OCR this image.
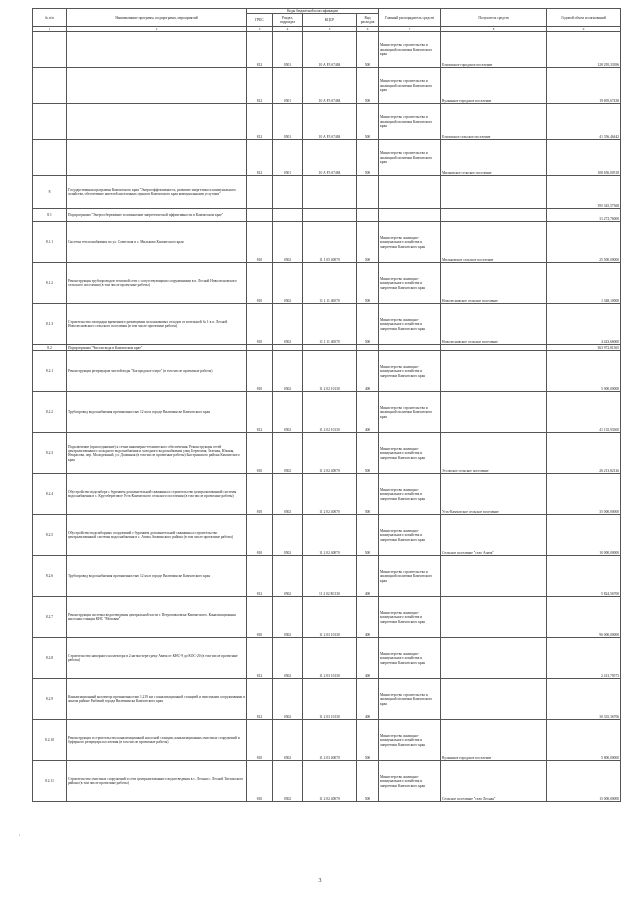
№ п/п	Наименование программ, подпрограмм, мероприятий	Коды бюджетной классификации				Главный распорядитель средств	Получатель средств	Годовой объем ассигнований
		ГРБС	Раздел, подраздел	КЦСР	Вид расходов			
1	2	3	4	5	6	7	8	9
		812	0501	10 А F3 67484	500	Министерство строительства и жилищной политики Камчатского края	Елизовское городское поселение	128 295,33396
		812	0501	10 А F3 67484	500	Министерство строительства и жилищной политики Камчатского края	Вулканное городское поселение	19 695,67438
		812	0501	10 А F3 67484	500	Министерство строительства и жилищной политики Камчатского края	Елизовское сельское поселение	41 356,46442
		812	0501	10 А F3 67484	500	Министерство строительства и жилищной политики Камчатского края	Милковское сельское поселение	108 656,00518
8	Государственная программа Камчатского края "Энергоэффективность, развитие энергетики и коммунального хозяйства, обеспечение жителей населенных пунктов Камчатского края коммунальными услугами"							395 345,57368
8.1	Подпрограмма "Энергосбережение и повышение энергетической эффективности в Камчатском крае"							31 272,76000
8.1.1	Система теплоснабжения по ул. Советская в с. Мильково Камчатского края	810	0502	11 1 05 40070	500	Министерство жилищно-коммунального хозяйства и энергетики Камчатского края	Мильковское сельское поселение	25 500,00000
8.1.2	Реконструкция трубопроводов тепловой сети с сопутствующими сооружениями в п. Лесной Новолесновского сельского поселения (в том числе проектные работы)	810	0502	11 1 11 40070	500	Министерство жилищно-коммунального хозяйства и энергетики Камчатского края	Новолесновское сельское поселение	1 348,10000
8.1.3	Строительство площадки временного размещения золошлаковых отходов от котельной № 1 в п. Лесной Новолесновского сельского поселения (в том числе проектные работы)	810	0502	11 1 11 40070	500	Министерство жилищно-коммунального хозяйства и энергетики Камчатского края	Новолесновское сельское поселение	4 423,66000
8.2	Подпрограмма "Чистая вода в Камчатском крае"							363 972,81365
8.2.1	Реконструкция резервуаров чистой воды "Богородское озеро" (в том числе проектные работы)	810	0502	11 2 02 10130	400	Министерство жилищно-коммунального хозяйства и энергетики Камчатского края		5 000,00000
8.2.2	Трубопровод водоснабжения протяженностью 12 км в городе Вилючинске Камчатского края	812	0502	11 2 02 10130	400	Министерство строительства и жилищной политики Камчатского края		41 135,93300
8.2.3	Подключение (присоединение) к сетям инженерно-технического обеспечения. Реконструкция сетей централизованного холодного водоснабжения и холодного водоснабжения улиц Береговая, Зеленая, Южная, Некрасова, пер. Молодежный, ул. Долинная (в том числе проектные работы) Быстринского района Камчатского края	810	0502	11 2 02 40070	500	Министерство жилищно-коммунального хозяйства и энергетики Камчатского края	Эссовское сельское поселение	26 213,82126
8.2.4	Обустройство водозабора с бурением дополнительной скважины и строительство централизованной системы водоснабжения в с. Крутобереговое Усть-Камчатского сельского поселения (в том числе проектные работы)	810	0502	11 2 02 40070	500	Министерство жилищно-коммунального хозяйства и энергетики Камчатского края	Усть-Камчатское сельское поселение	35 000,00000
8.2.5	Обустройство водозаборных сооружений с бурением дополнительной скважины и строительство централизованной системы водоснабжения в с. Апача Апачинского района (в том числе проектные работы)	810	0502	11 2 02 40070	500	Министерство жилищно-коммунального хозяйства и энергетики Камчатского края	Сельское поселение "село Апача"	10 000,00000
8.2.6	Трубопровод водоснабжения протяженностью 12 км в городе Вилючинске Камчатского края	812	0502	11 2 02 R1130	400	Министерство строительства и жилищной политики Камчатского края		5 824,56700
8.2.7	Реконструкция системы водоотведения центральной части г. Петропавловска-Камчатского. Канализационная насосная станция КНС "Моховая"	810	0502	11 2 03 10130	400	Министерство жилищно-коммунального хозяйства и энергетики Камчатского края		96 000,00000
8.2.8	Строительство напорного коллектора в 2 нитки через реку Авача от КНС-9 до КОС-20 (в том числе проектные работы)	812	0502	11 2 03 10130	400	Министерство жилищно-коммунального хозяйства и энергетики Камчатского края		2 413,70573
8.2.9	Канализационный коллектор протяженностью 1,219 км с канализационной станцией и очистными сооружениями в жилом районе Рыбачий города Вилючинска Камчатского края	812	0502	11 2 03 10130	400	Министерство строительства и жилищной политики Камчатского края		30 335,36706
8.2.10	Реконструкция и строительство канализационной насосной станции, канализационных очистных сооружений и буферного резервуара поселения (в том числе проектные работы)	810	0502	11 2 03 40070	500	Министерство жилищно-коммунального хозяйства и энергетики Камчатского края	Вулканное городское поселение	5 800,00000
8.2.11	Строительство очистных сооружений и сети централизованного водоотведения в с. Лесная с. Лесной Тигильского района (в том числе проектные работы)	810	0502	11 2 02 40070	500	Министерство жилищно-коммунального хозяйства и энергетики Камчатского края	Сельское поселение "село Лесная"	15 000,00000
,
3
